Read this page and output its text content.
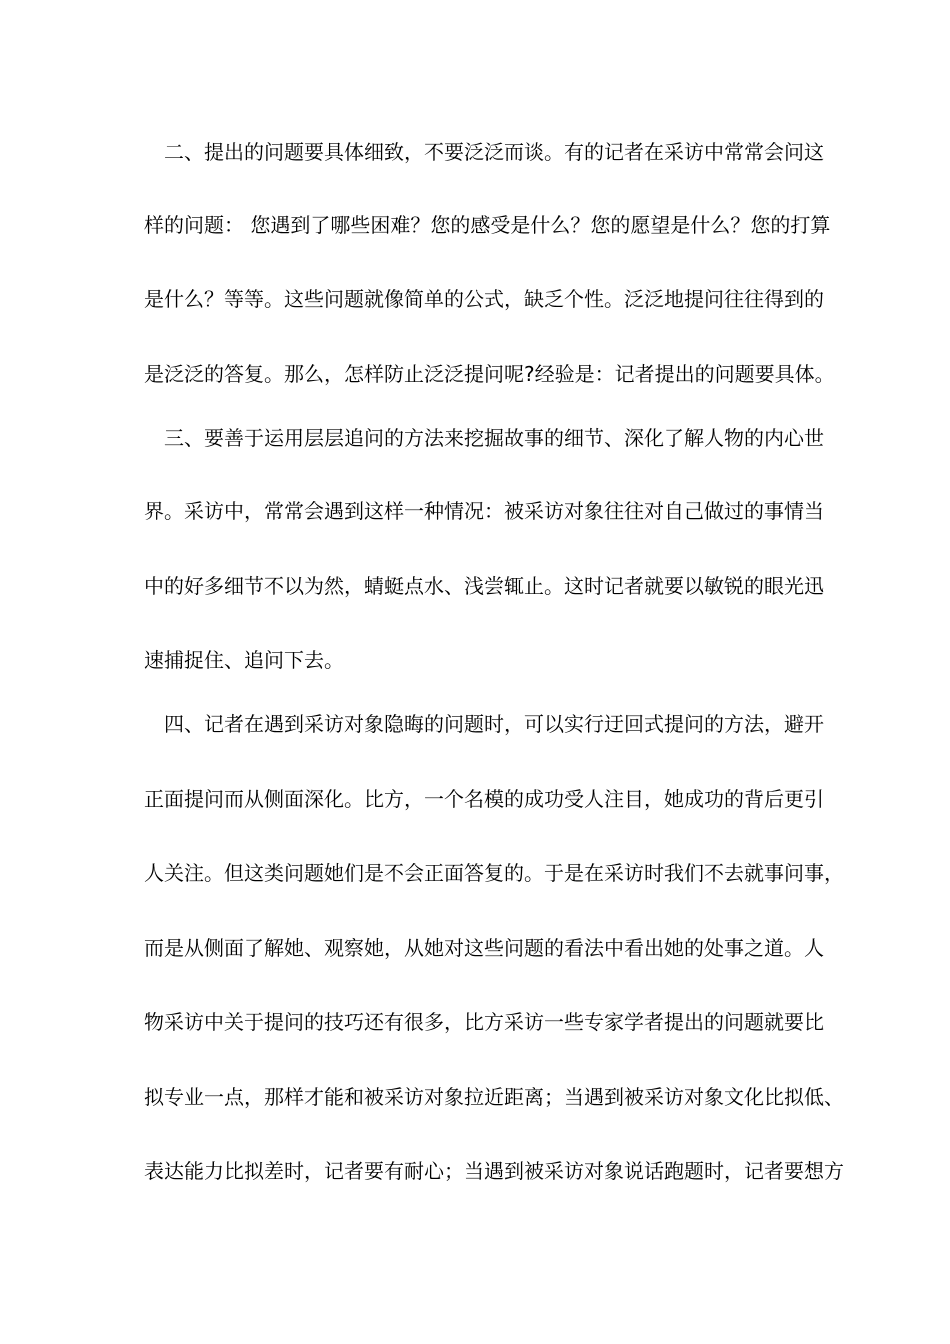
　二、提出的问题要具体细致，不要泛泛而谈。有的记者在采访中常常会问这
样的问题： 您遇到了哪些困难？您的感受是什么？您的愿望是什么？您的打算
是什么？等等。这些问题就像简单的公式，缺乏个性。泛泛地提问往往得到的
是泛泛的答复。那么，怎样防止泛泛提问呢?经验是：记者提出的问题要具体。
　三、要善于运用层层追问的方法来挖掘故事的细节、深化了解人物的内心世
界。采访中，常常会遇到这样一种情况：被采访对象往往对自己做过的事情当
中的好多细节不以为然，蜻蜓点水、浅尝辄止。这时记者就要以敏锐的眼光迅
速捕捉住、追问下去。
　四、记者在遇到采访对象隐晦的问题时，可以实行迂回式提问的方法，避开
正面提问而从侧面深化。比方，一个名模的成功受人注目，她成功的背后更引
人关注。但这类问题她们是不会正面答复的。于是在采访时我们不去就事问事，
而是从侧面了解她、观察她，从她对这些问题的看法中看出她的处事之道。人
物采访中关于提问的技巧还有很多，比方采访一些专家学者提出的问题就要比
拟专业一点，那样才能和被采访对象拉近距离；当遇到被采访对象文化比拟低、
表达能力比拟差时，记者要有耐心；当遇到被采访对象说话跑题时，记者要想方
